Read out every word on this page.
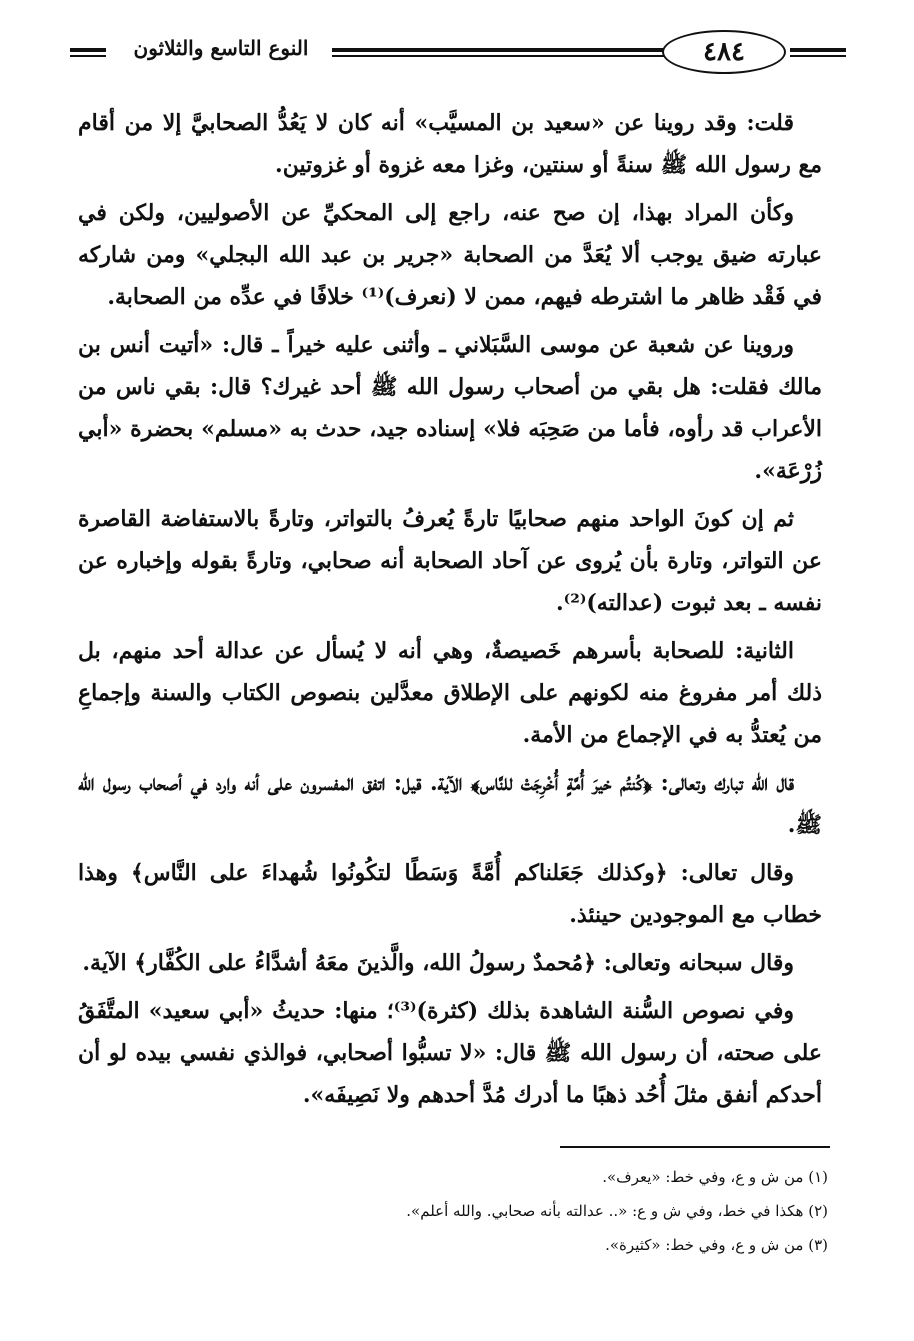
النوع التاسع والثلاثون	٤٨٤

قلت: وقد روينا عن «سعيد بن المسيَّب» أنه كان لا يَعُدُّ الصحابيَّ إلا من أقام مع رسول الله ﷺ سنةً أو سنتين، وغزا معه غزوة أو غزوتين.

وكأن المراد بهذا، إن صح عنه، راجع إلى المحكيِّ عن الأصوليين، ولكن في عبارته ضيق يوجب ألا يُعَدَّ من الصحابة «جرير بن عبد الله البجلي» ومن شاركه في فَقْد ظاهر ما اشترطه فيهم، ممن لا (نعرف)⁽¹⁾ خلافًا في عدِّه من الصحابة.

وروينا عن شعبة عن موسى السَّبَلاني ـ وأثنى عليه خيراً ـ قال: «أتيت أنس بن مالك فقلت: هل بقي من أصحاب رسول الله ﷺ أحد غيرك؟ قال: بقي ناس من الأعراب قد رأوه، فأما من صَحِبَه فلا» إسناده جيد، حدث به «مسلم» بحضرة «أبي زُرْعَة».

ثم إن كونَ الواحد منهم صحابيًا تارةً يُعرفُ بالتواتر، وتارةً بالاستفاضة القاصرة عن التواتر، وتارة بأن يُروى عن آحاد الصحابة أنه صحابي، وتارةً بقوله وإخباره عن نفسه ـ بعد ثبوت (عدالته)⁽²⁾.

الثانية: للصحابة بأسرهم خَصيصةٌ، وهي أنه لا يُسأل عن عدالة أحد منهم، بل ذلك أمر مفروغ منه لكونهم على الإطلاق معدَّلين بنصوص الكتاب والسنة وإجماعِ من يُعتدُّ به في الإجماع من الأمة.

قال الله تبارك وتعالى: ﴿كُنتُم خيرَ أُمَّةٍ أُخْرِجَتْ للنَّاس﴾ الآية. قيل: اتفق المفسرون على أنه وارد في أصحاب رسول الله ﷺ.

وقال تعالى: ﴿وكذلك جَعَلناكم أُمَّةً وَسَطًا لتكُونُوا شُهداءَ على النَّاس﴾ وهذا خطاب مع الموجودين حينئذ.

وقال سبحانه وتعالى: ﴿مُحمدٌ رسولُ الله، والَّذينَ معَهُ أشدَّاءُ على الكُفَّار﴾ الآية.

وفي نصوص السُّنة الشاهدة بذلك (كثرة)⁽³⁾؛ منها: حديثُ «أبي سعيد» المتَّفَقُ على صحته، أن رسول الله ﷺ قال: «لا تسبُّوا أصحابي، فوالذي نفسي بيده لو أن أحدكم أنفق مثلَ أُحُد ذهبًا ما أدرك مُدَّ أحدهم ولا نَصِيفَه».

(١) من ش و ع، وفي خط: «يعرف».

(٢) هكذا في خط، وفي ش و ع: «.. عدالته بأنه صحابي. والله أعلم».

(٣) من ش و ع، وفي خط: «كثيرة».
